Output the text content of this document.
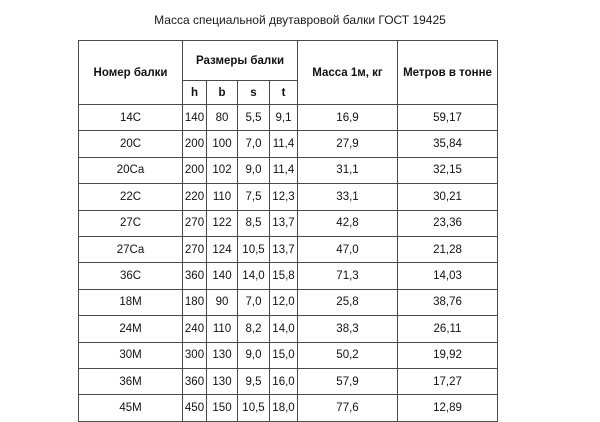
Масса специальной двутавровой балки ГОСТ 19425
Номер балки	Размеры балки				Масса 1м, кг	Метров в тонне
	h	b	s	t		
14С	140	80	5,5	9,1	16,9	59,17
20С	200	100	7,0	11,4	27,9	35,84
20Са	200	102	9,0	11,4	31,1	32,15
22С	220	110	7,5	12,3	33,1	30,21
27С	270	122	8,5	13,7	42,8	23,36
27Са	270	124	10,5	13,7	47,0	21,28
36С	360	140	14,0	15,8	71,3	14,03
18М	180	90	7,0	12,0	25,8	38,76
24М	240	110	8,2	14,0	38,3	26,11
30М	300	130	9,0	15,0	50,2	19,92
36М	360	130	9,5	16,0	57,9	17,27
45М	450	150	10,5	18,0	77,6	12,89
